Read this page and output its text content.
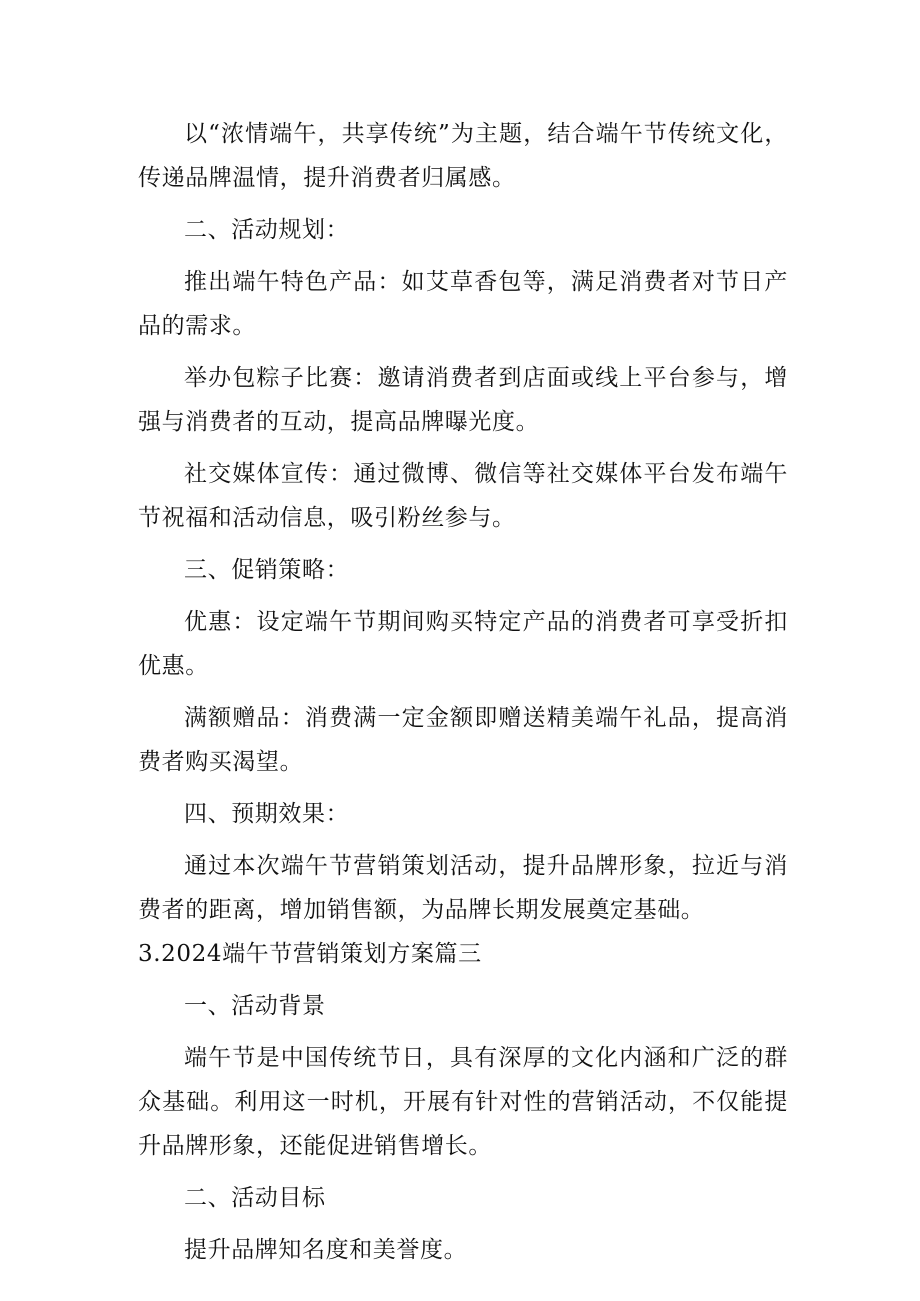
以“浓情端午，共享传统”为主题，结合端午节传统文化，传递品牌温情，提升消费者归属感。

二、活动规划：

推出端午特色产品：如艾草香包等，满足消费者对节日产品的需求。

举办包粽子比赛：邀请消费者到店面或线上平台参与，增强与消费者的互动，提高品牌曝光度。

社交媒体宣传：通过微博、微信等社交媒体平台发布端午节祝福和活动信息，吸引粉丝参与。

三、促销策略：

优惠：设定端午节期间购买特定产品的消费者可享受折扣优惠。

满额赠品：消费满一定金额即赠送精美端午礼品，提高消费者购买渴望。

四、预期效果：

通过本次端午节营销策划活动，提升品牌形象，拉近与消费者的距离，增加销售额，为品牌长期发展奠定基础。

3.2024端午节营销策划方案篇三

一、活动背景

端午节是中国传统节日，具有深厚的文化内涵和广泛的群众基础。利用这一时机，开展有针对性的营销活动，不仅能提升品牌形象，还能促进销售增长。

二、活动目标

提升品牌知名度和美誉度。
